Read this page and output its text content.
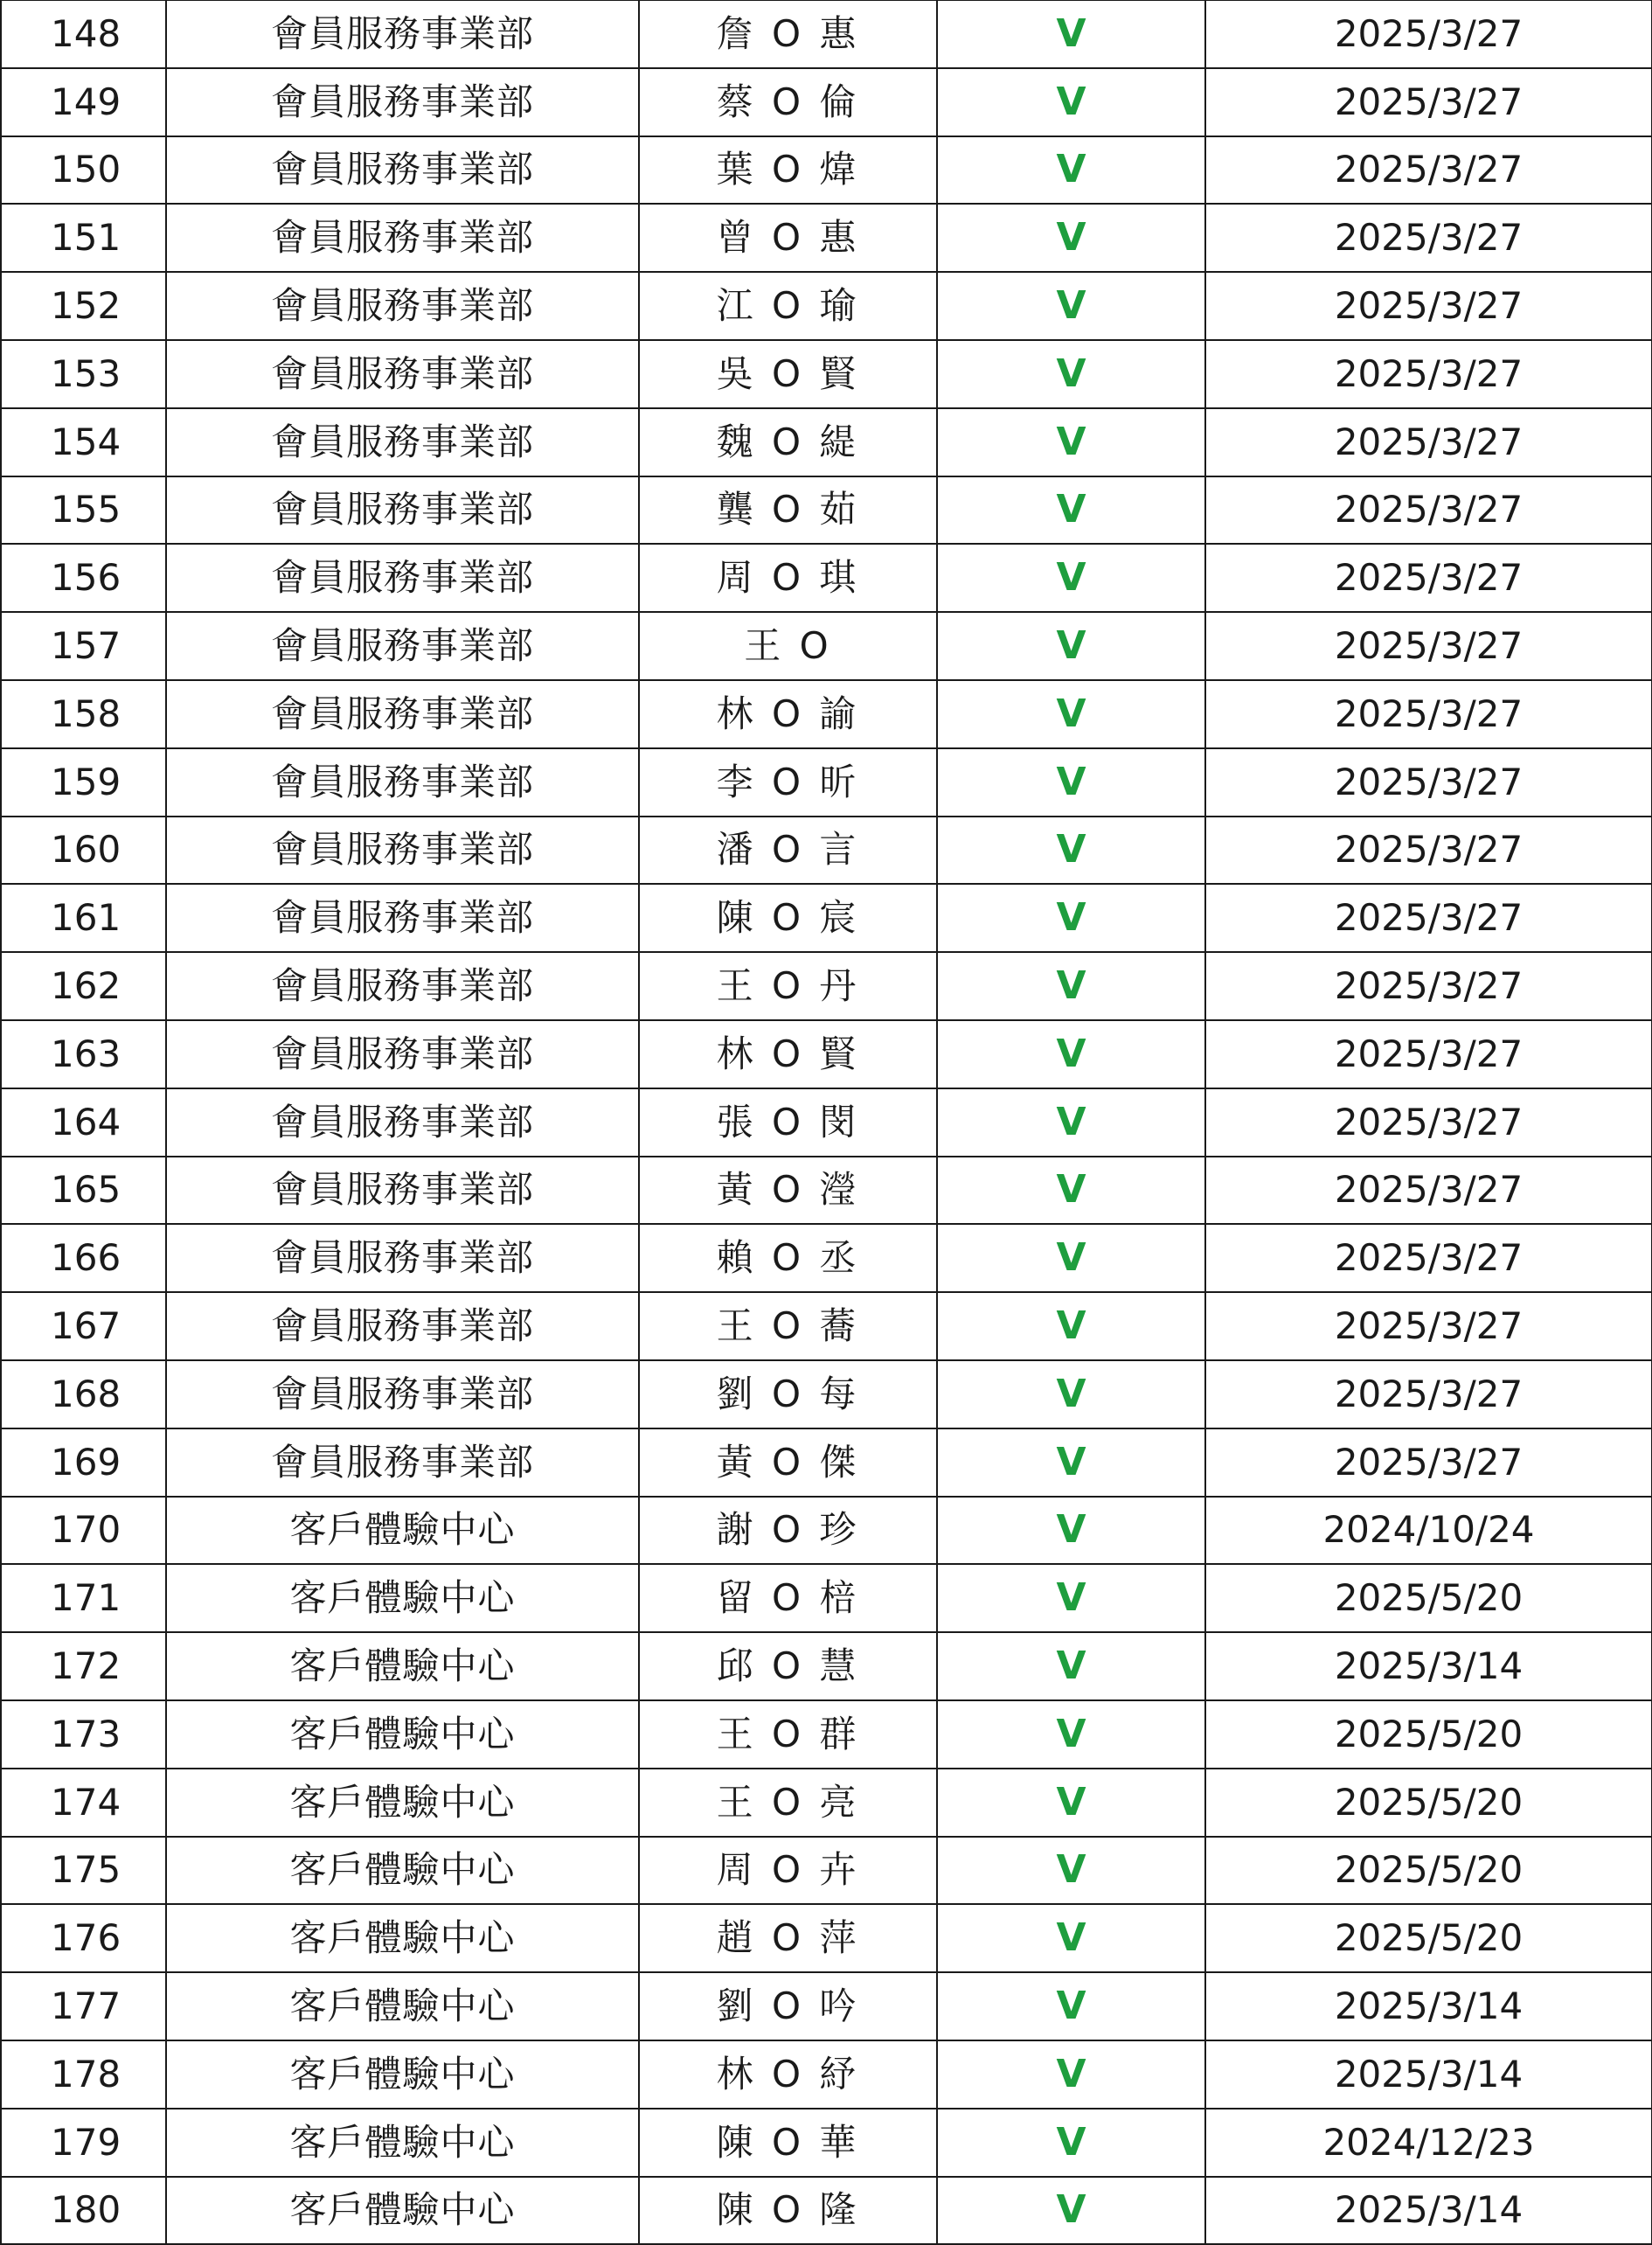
148	會員服務事業部	詹 O 惠	V	2025/3/27
149	會員服務事業部	蔡 O 倫	V	2025/3/27
150	會員服務事業部	葉 O 煒	V	2025/3/27
151	會員服務事業部	曾 O 惠	V	2025/3/27
152	會員服務事業部	江 O 瑜	V	2025/3/27
153	會員服務事業部	吳 O 賢	V	2025/3/27
154	會員服務事業部	魏 O 緹	V	2025/3/27
155	會員服務事業部	龔 O 茹	V	2025/3/27
156	會員服務事業部	周 O 琪	V	2025/3/27
157	會員服務事業部	王 O	V	2025/3/27
158	會員服務事業部	林 O 諭	V	2025/3/27
159	會員服務事業部	李 O 昕	V	2025/3/27
160	會員服務事業部	潘 O 言	V	2025/3/27
161	會員服務事業部	陳 O 宸	V	2025/3/27
162	會員服務事業部	王 O 丹	V	2025/3/27
163	會員服務事業部	林 O 賢	V	2025/3/27
164	會員服務事業部	張 O 閔	V	2025/3/27
165	會員服務事業部	黃 O 瀅	V	2025/3/27
166	會員服務事業部	賴 O 丞	V	2025/3/27
167	會員服務事業部	王 O 蕎	V	2025/3/27
168	會員服務事業部	劉 O 每	V	2025/3/27
169	會員服務事業部	黃 O 傑	V	2025/3/27
170	客戶體驗中心	謝 O 珍	V	2024/10/24
171	客戶體驗中心	留 O 棓	V	2025/5/20
172	客戶體驗中心	邱 O 慧	V	2025/3/14
173	客戶體驗中心	王 O 群	V	2025/5/20
174	客戶體驗中心	王 O 亮	V	2025/5/20
175	客戶體驗中心	周 O 卉	V	2025/5/20
176	客戶體驗中心	趙 O 萍	V	2025/5/20
177	客戶體驗中心	劉 O 吟	V	2025/3/14
178	客戶體驗中心	林 O 紓	V	2025/3/14
179	客戶體驗中心	陳 O 華	V	2024/12/23
180	客戶體驗中心	陳 O 隆	V	2025/3/14
